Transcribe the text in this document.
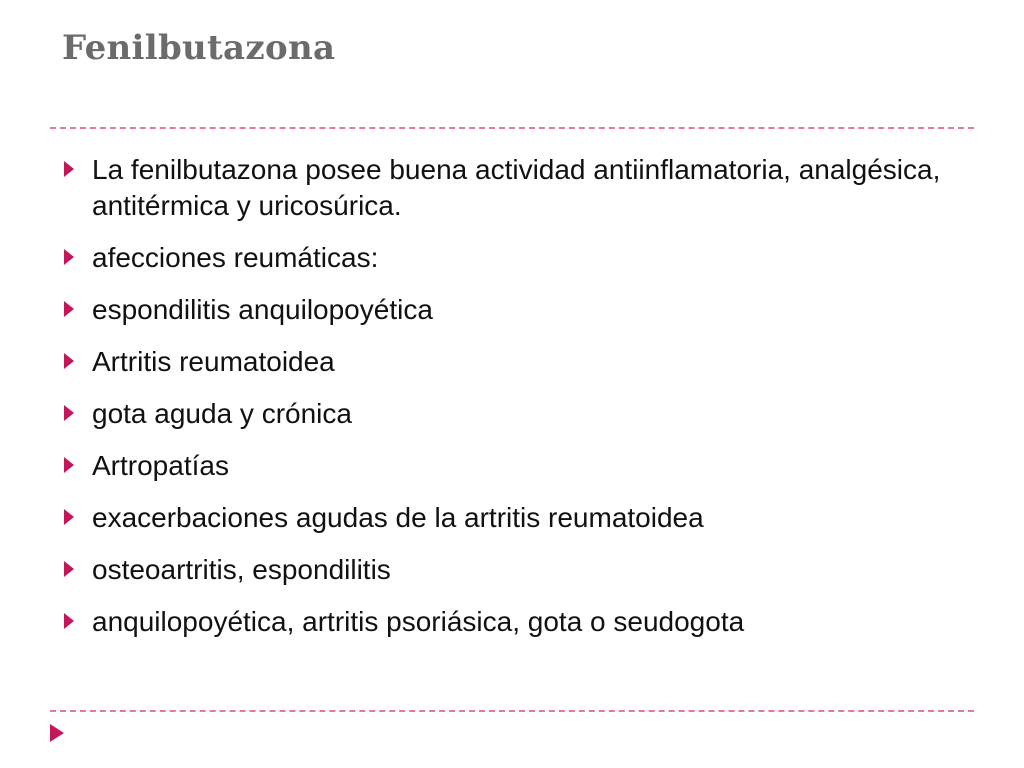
Fenilbutazona
La fenilbutazona posee buena actividad antiinflamatoria, analgésica, antitérmica y uricosúrica.
afecciones reumáticas:
espondilitis anquilopoyética
Artritis reumatoidea
gota aguda y crónica
Artropatías
exacerbaciones agudas de la artritis reumatoidea
osteoartritis, espondilitis
anquilopoyética, artritis psoriásica, gota o seudogota
